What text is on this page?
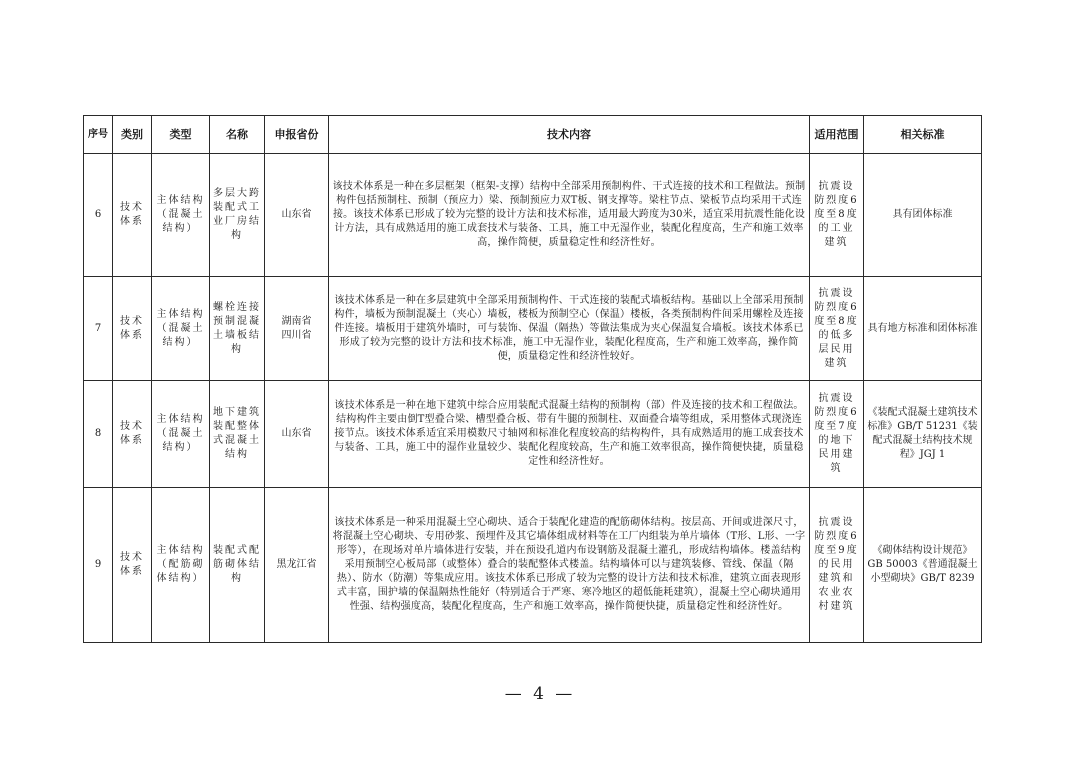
序号	类别	类型	名称	申报省份	技术内容	适用范围	相关标准
6	技术体系	主体结构（混凝土结构）	多层大跨装配式工业厂房结构	山东省	该技术体系是一种在多层框架（框架-支撑）结构中全部采用预制构件、干式连接的技术和工程做法。预制构件包括预制柱、预制（预应力）梁、预制预应力双T板、钢支撑等。梁柱节点、梁板节点均采用干式连接。该技术体系已形成了较为完整的设计方法和技术标准，适用最大跨度为30米，适宜采用抗震性能化设计方法，具有成熟适用的施工成套技术与装备、工具，施工中无湿作业，装配化程度高，生产和施工效率高，操作简便，质量稳定性和经济性好。	抗震设防烈度6度至8度的工业建筑	具有团体标准
7	技术体系	主体结构（混凝土结构）	螺栓连接预制混凝土墙板结构	湖南省四川省	该技术体系是一种在多层建筑中全部采用预制构件、干式连接的装配式墙板结构。基础以上全部采用预制构件，墙板为预制混凝土（夹心）墙板，楼板为预制空心（保温）楼板，各类预制构件间采用螺栓及连接件连接。墙板用于建筑外墙时，可与装饰、保温（隔热）等做法集成为夹心保温复合墙板。该技术体系已形成了较为完整的设计方法和技术标准，施工中无湿作业，装配化程度高，生产和施工效率高，操作简便，质量稳定性和经济性较好。	抗震设防烈度6度至8度的低多层民用建筑	具有地方标准和团体标准
8	技术体系	主体结构（混凝土结构）	地下建筑装配整体式混凝土结构	山东省	该技术体系是一种在地下建筑中综合应用装配式混凝土结构的预制构（部）件及连接的技术和工程做法。结构构件主要由倒T型叠合梁、槽型叠合板、带有牛腿的预制柱、双面叠合墙等组成，采用整体式现浇连接节点。该技术体系适宜采用模数尺寸轴网和标准化程度较高的结构构件，具有成熟适用的施工成套技术与装备、工具，施工中的湿作业量较少、装配化程度较高，生产和施工效率很高，操作简便快捷，质量稳定性和经济性好。	抗震设防烈度6度至7度的地下民用建筑	《装配式混凝土建筑技术标准》GB/T 51231《装配式混凝土结构技术规程》JGJ 1
9	技术体系	主体结构（配筋砌体结构）	装配式配筋砌体结构	黑龙江省	该技术体系是一种采用混凝土空心砌块、适合于装配化建造的配筋砌体结构。按层高、开间或进深尺寸，将混凝土空心砌块、专用砂浆、预埋件及其它墙体组成材料等在工厂内组装为单片墙体（T形、L形、一字形等），在现场对单片墙体进行安装，并在预设孔道内布设钢筋及混凝土灌孔，形成结构墙体。楼盖结构采用预制空心板局部（或整体）叠合的装配整体式楼盖。结构墙体可以与建筑装修、管线、保温（隔热）、防水（防潮）等集成应用。该技术体系已形成了较为完整的设计方法和技术标准，建筑立面表现形式丰富，围护墙的保温隔热性能好（特别适合于严寒、寒冷地区的超低能耗建筑），混凝土空心砌块通用性强、结构强度高，装配化程度高，生产和施工效率高，操作简便快捷，质量稳定性和经济性好。	抗震设防烈度6度至9度的民用建筑和农业农村建筑	《砌体结构设计规范》GB 50003《普通混凝土小型砌块》GB/T 8239
— 4 —
